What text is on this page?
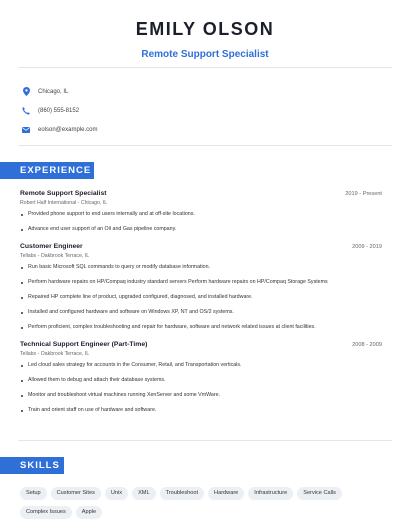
EMILY OLSON
Remote Support Specialist
Chicago, IL
(860) 555-8152
eolson@example.com
EXPERIENCE
Remote Support Specialist	2019 - Present
Robert Half International - Chicago, IL
Provided phone support to end users internally and at off-site locations.
Advance end user support of an Oil and Gas pipeline company.
Customer Engineer	2009 - 2019
Tellabs - Oakbrook Terrace, IL
Run basic Microsoft SQL commands to query or modify database information.
Perform hardware repairs on HP/Compaq industry standard servers Perform hardware repairs on HP/Compaq Storage Systems
Repaired HP complete line of product, upgraded configured, diagnosed, and installed hardware.
Installed and configured hardware and software on Windows XP, NT and OS/2 systems.
Perform proficient, complex troubleshooting and repair for hardware, software and network related issues at client facilities.
Technical Support Engineer (Part-Time)	2008 - 2009
Tellabs - Oakbrook Terrace, IL
Led cloud sales strategy for accounts in the Consumer, Retail, and Transportation verticals.
Allowed them to debug and attach their database systems.
Monitor and troubleshoot virtual machines running XenServer and some VmWare.
Train and orient staff on use of hardware and software.
SKILLS
Setup	Customer Sites	Unix	XML	Troubleshoot	Hardware	Infrastructure	Service Calls
Complex Issues	Apple
